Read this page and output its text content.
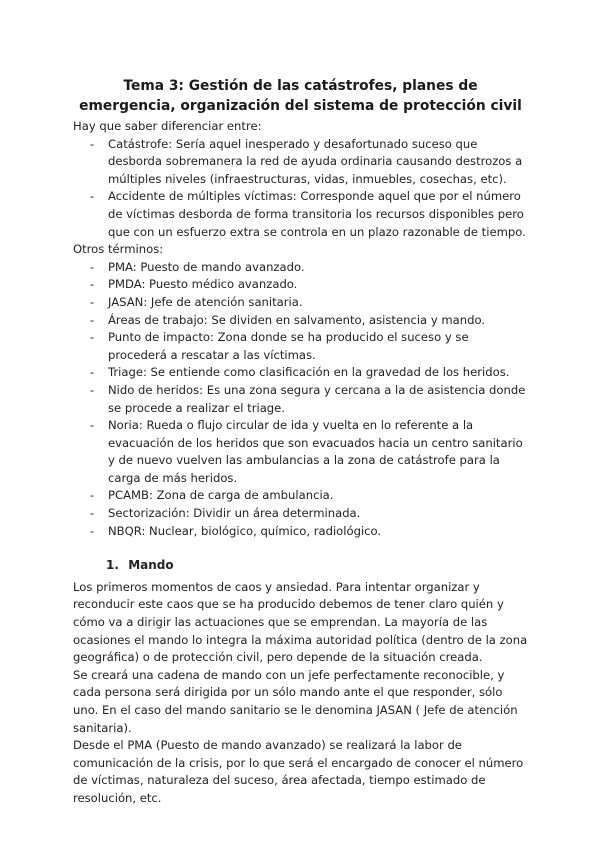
Tema 3: Gestión de las catástrofes, planes de emergencia, organización del sistema de protección civil

Hay que saber diferenciar entre:

- Catástrofe: Sería aquel inesperado y desafortunado suceso que desborda sobremanera la red de ayuda ordinaria causando destrozos a múltiples niveles (infraestructuras, vidas, inmuebles, cosechas, etc).
- Accidente de múltiples víctimas: Corresponde aquel que por el número de víctimas desborda de forma transitoria los recursos disponibles pero que con un esfuerzo extra se controla en un plazo razonable de tiempo.

Otros términos:

- PMA: Puesto de mando avanzado.
- PMDA: Puesto médico avanzado.
- JASAN: Jefe de atención sanitaria.
- Áreas de trabajo: Se dividen en salvamento, asistencia y mando.
- Punto de impacto: Zona donde se ha producido el suceso y se procederá a rescatar a las víctimas.
- Triage: Se entiende como clasificación en la gravedad de los heridos.
- Nido de heridos: Es una zona segura y cercana a la de asistencia donde se procede a realizar el triage.
- Noria: Rueda o flujo circular de ida y vuelta en lo referente a la evacuación de los heridos que son evacuados hacia un centro sanitario y de nuevo vuelven las ambulancias a la zona de catástrofe para la carga de más heridos.
- PCAMB: Zona de carga de ambulancia.
- Sectorización: Dividir un área determinada.
- NBQR: Nuclear, biológico, químico, radiológico.
1. Mando

Los primeros momentos de caos y ansiedad. Para intentar organizar y reconducir este caos que se ha producido debemos de tener claro quién y cómo va a dirigir las actuaciones que se emprendan. La mayoría de las ocasiones el mando lo integra la máxima autoridad política (dentro de la zona geográfica) o de protección civil, pero depende de la situación creada.

Se creará una cadena de mando con un jefe perfectamente reconocible, y cada persona será dirigida por un sólo mando ante el que responder, sólo uno. En el caso del mando sanitario se le denomina JASAN ( Jefe de atención sanitaria).

Desde el PMA (Puesto de mando avanzado) se realizará la labor de comunicación de la crisis, por lo que será el encargado de conocer el número de víctimas, naturaleza del suceso, área afectada, tiempo estimado de resolución, etc.
